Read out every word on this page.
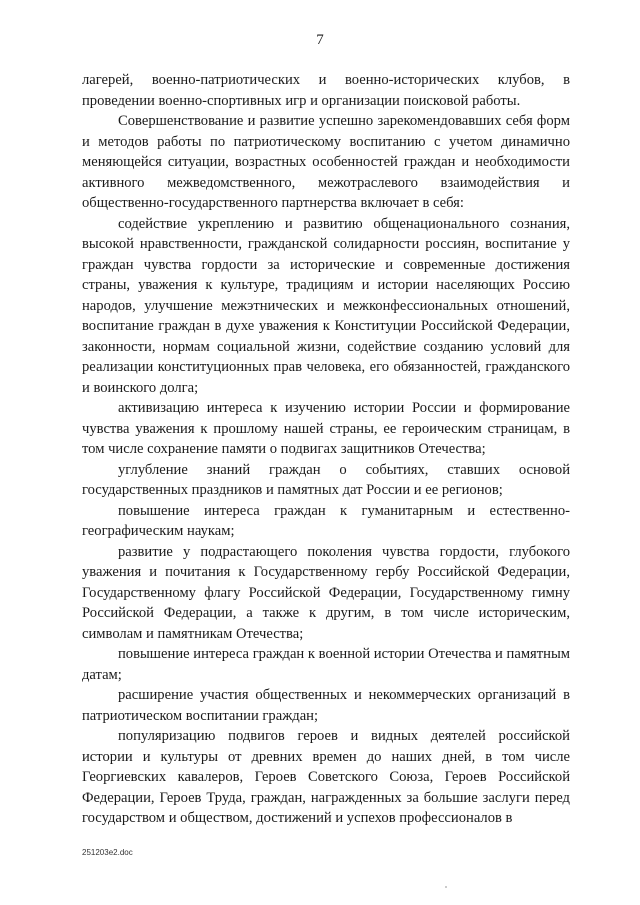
7

лагерей, военно-патриотических и военно-исторических клубов, в проведении военно-спортивных игр и организации поисковой работы.

Совершенствование и развитие успешно зарекомендовавших себя форм и методов работы по патриотическому воспитанию с учетом динамично меняющейся ситуации, возрастных особенностей граждан и необходимости активного межведомственного, межотраслевого взаимодействия и общественно-государственного партнерства включает в себя:

содействие укреплению и развитию общенационального сознания, высокой нравственности, гражданской солидарности россиян, воспитание у граждан чувства гордости за исторические и современные достижения страны, уважения к культуре, традициям и истории населяющих Россию народов, улучшение межэтнических и межконфессиональных отношений, воспитание граждан в духе уважения к Конституции Российской Федерации, законности, нормам социальной жизни, содействие созданию условий для реализации конституционных прав человека, его обязанностей, гражданского и воинского долга;

активизацию интереса к изучению истории России и формирование чувства уважения к прошлому нашей страны, ее героическим страницам, в том числе сохранение памяти о подвигах защитников Отечества;

углубление знаний граждан о событиях, ставших основой государственных праздников и памятных дат России и ее регионов;

повышение интереса граждан к гуманитарным и естественно-географическим наукам;

развитие у подрастающего поколения чувства гордости, глубокого уважения и почитания к Государственному гербу Российской Федерации, Государственному флагу Российской Федерации, Государственному гимну Российской Федерации, а также к другим, в том числе историческим, символам и памятникам Отечества;

повышение интереса граждан к военной истории Отечества и памятным датам;

расширение участия общественных и некоммерческих организаций в патриотическом воспитании граждан;

популяризацию подвигов героев и видных деятелей российской истории и культуры от древних времен до наших дней, в том числе Георгиевских кавалеров, Героев Советского Союза, Героев Российской Федерации, Героев Труда, граждан, награжденных за большие заслуги перед государством и обществом, достижений и успехов профессионалов в

251203e2.doc
